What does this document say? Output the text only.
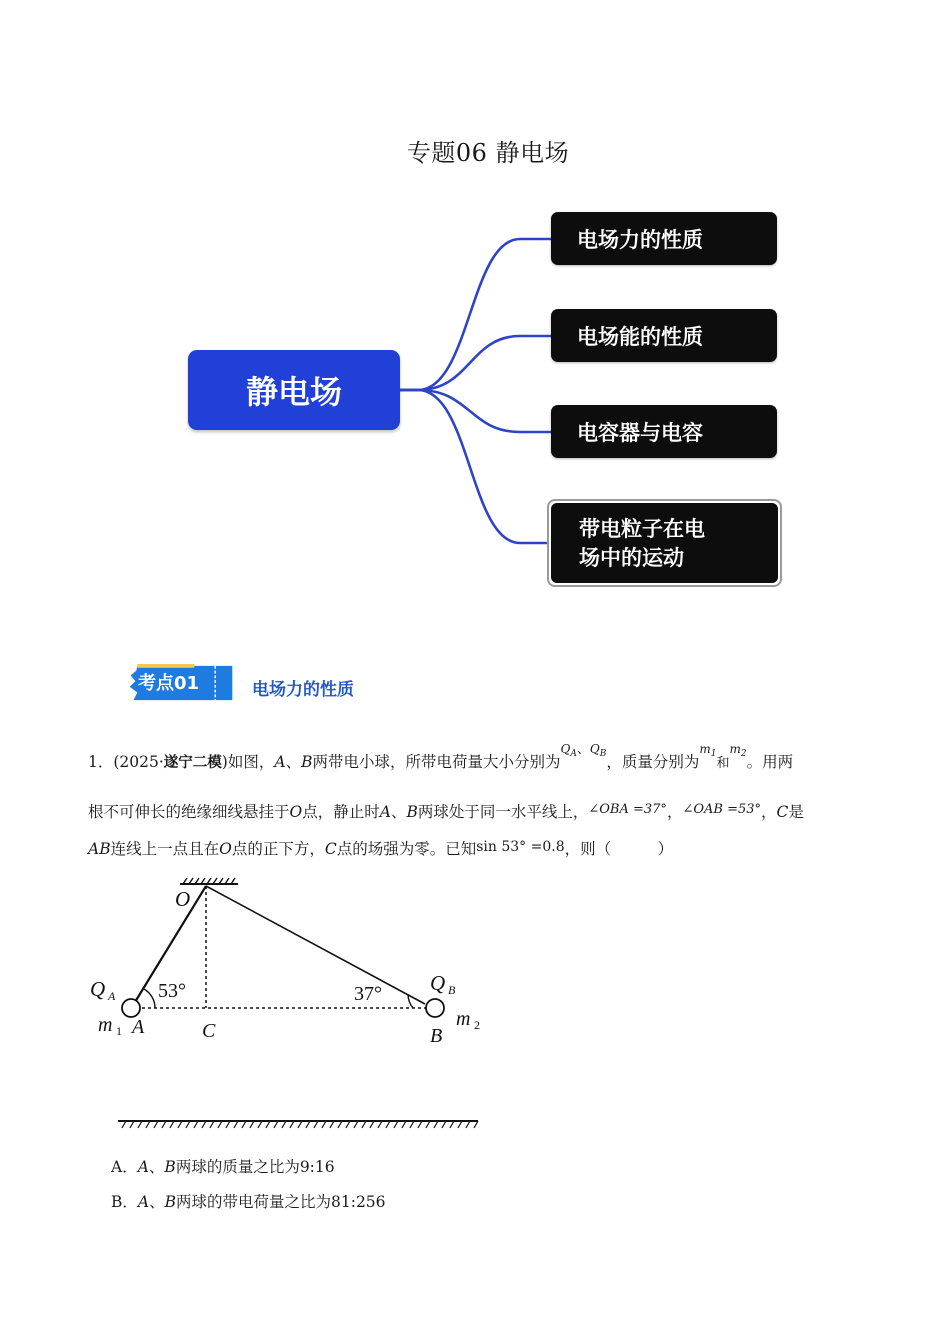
专题06 静电场
静电场
电场力的性质
电场能的性质
电容器与电容
带电粒子在电
场中的运动
考点01	电场力的性质
1．(2025·遂宁二模)如图，A、B两带电小球，所带电荷量大小分别为$Q_A$、$Q_B$，质量分别为$m_1$和$m_2$。用两
根不可伸长的绝缘细线悬挂于O点，静止时A、B两球处于同一水平线上，$^{\angle OBA =37^\circ}$，$^{\angle OAB =53^\circ}$，C是
AB连线上一点且在O点的正下方，C点的场强为零。已知sin 53° =0.8，则（　　　）
O
Q A
Q B
m 1 A	C	B
m 2
53°	37°
A．A、B两球的质量之比为9:16
B．A、B两球的带电荷量之比为81:256
